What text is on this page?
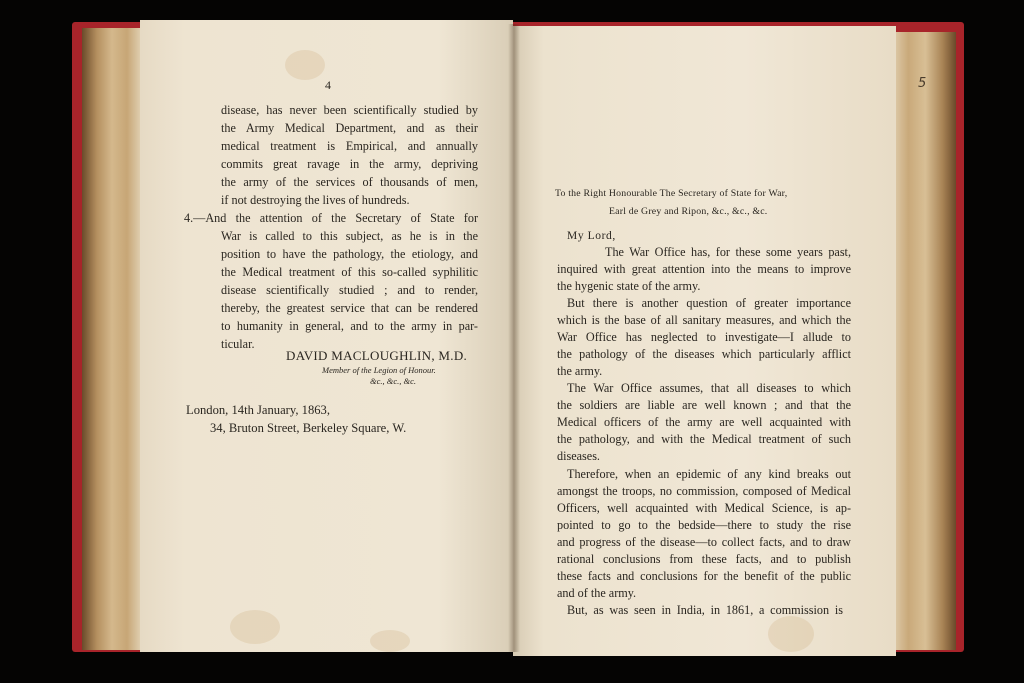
4
disease, has never been scientifically studied by
the Army Medical Department, and as their
medical treatment is Empirical, and annually
commits great ravage in the army, depriving
the army of the services of thousands of men,
if not destroying the lives of hundreds.
4.—And the attention of the Secretary of State for
War is called to this subject, as he is in the
position to have the pathology, the etiology, and
the Medical treatment of this so-called syphilitic
disease scientifically studied ; and to render,
thereby, the greatest service that can be rendered
to humanity in general, and to the army in par-
ticular.
DAVID MACLOUGHLIN, M.D.
Member of the Legion of Honour.
&c., &c., &c.
London, 14th January, 1863,
34, Bruton Street, Berkeley Square, W.
To the Right Honourable The Secretary of State for War,
Earl de Grey and Ripon, &c., &c., &c.
My Lord,
The War Office has, for these some years past,
inquired with great attention into the means to improve
the hygenic state of the army.
But there is another question of greater importance
which is the base of all sanitary measures, and which the
War Office has neglected to investigate—I allude to
the pathology of the diseases which particularly afflict
the army.
The War Office assumes, that all diseases to which
the soldiers are liable are well known ; and that the
Medical officers of the army are well acquainted with
the pathology, and with the Medical treatment of such
diseases.
Therefore, when an epidemic of any kind breaks out
amongst the troops, no commission, composed of Medical
Officers, well acquainted with Medical Science, is ap-
pointed to go to the bedside—there to study the rise
and progress of the disease—to collect facts, and to draw
rational conclusions from these facts, and to publish
these facts and conclusions for the benefit of the public
and of the army.
But, as was seen in India, in 1861, a commission is
5
